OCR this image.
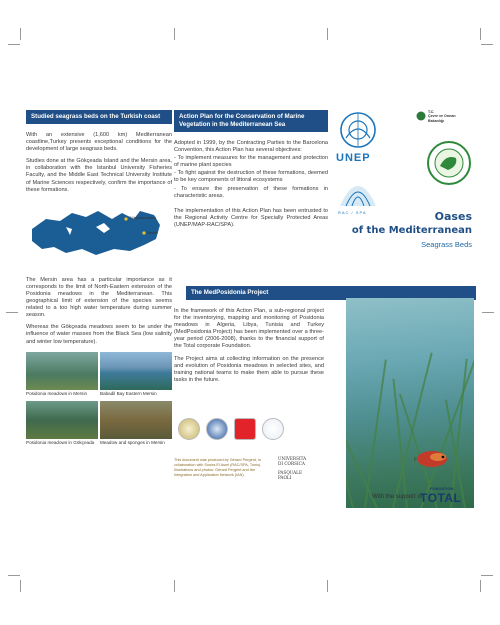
Studied seagrass beds on the Turkish coast

With an extensive (1,600 km) Mediterranean coastline,Turkey presents exceptional conditions for the development of large seagrass beds.

Studies done at the Gökçeada Island and the Mersin area, in collaboration with the Istanbul University Fisheries Faculty, and the Middle East Technical University Institute of Marine Sciences respectively, confirm the importance of these formations.

Gökçeada Island
Mersin

The Mersin area has a particular importance as it corresponds to the limit of North-Eastern extension of the Posidonia meadows in the Mediterranean. This geographical limit of extension of the species seems related to a too high water temperature during summer season.

Whereas the Gökçeada meadows seem to be under the influence of water masses from the Black Sea (low salinity and winter low temperature).

Posidonia meadows in Mersin	Babadil Bay Eastern Mersin
Posidonia meadows in Gökçeada	Meadow and sponges in Mersin
Action Plan for the Conservation of Marine Vegetation in the Mediterranean Sea

Adopted in 1999, by the Contracting Parties to the Barcelona Convention, this Action Plan has several objectives:

- To implement measures for the management and protection of marine plant species

- To fight against the destruction of these formations, deemed to be key components of littoral ecosystems

- To ensure the preservation of these formations in characteristic areas.

The implementation of this Action Plan has been entrusted to the Regional Activity Centre for Specially Protected Areas (UNEP/MAP-RAC/SPA).

UNEP
RAC / SPA
T.C.
Çevre ve Orman
Bakanlığı
Oases
of the Mediterranean
Seagrass Beds
The MedPosidonia Project

In the framework of this Action Plan, a sub-regional project for the inventorying, mapping and monitoring of Posidonia meadows in Algeria, Libya, Tunisia and Turkey (MedPosidonia Project) has been implemented over a three-year period (2006-2008), thanks to the financial support of the Total corporate Foundation.

The Project aims at collecting information on the presence and evolution of Posidonia meadows in selected sites, and training national teams to make them able to pursue these tasks in the future.

This document was produced by Gérard Pergent, in collaboration with Souha El Asmi (RAC/SPA, Tunis). Illustrations and photos: Gérard Pergent and the Integration and Application Network (IAN).
UNIVERSITA
DI CORSICA
PASQUALE
PAOLI
With the support of
FONDATION
TOTAL
